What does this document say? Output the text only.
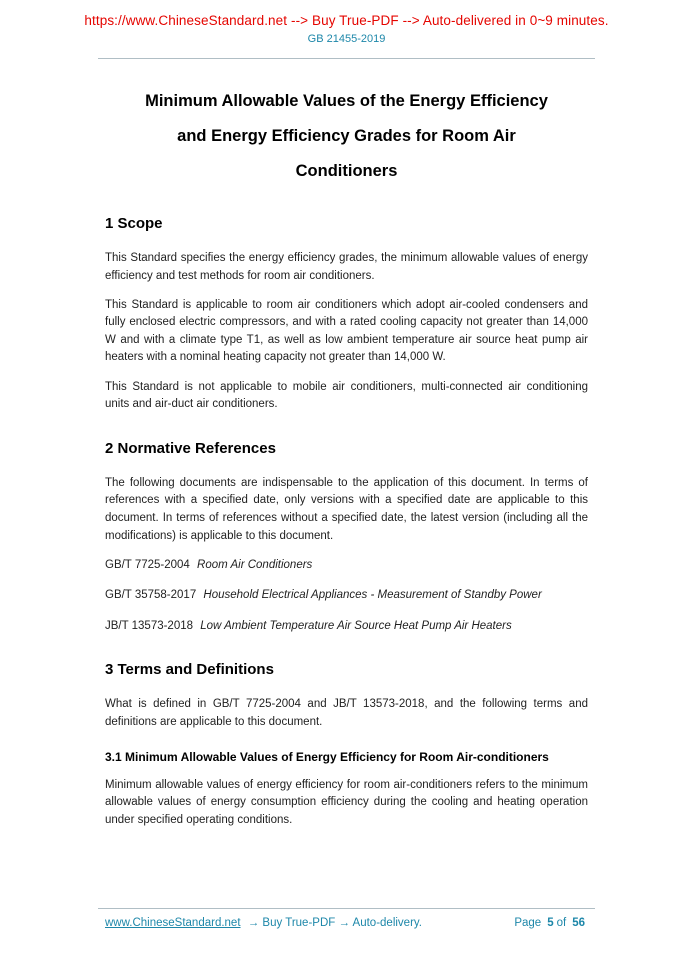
https://www.ChineseStandard.net --> Buy True-PDF --> Auto-delivered in 0~9 minutes.
GB 21455-2019
Minimum Allowable Values of the Energy Efficiency
and Energy Efficiency Grades for Room Air
Conditioners
1 Scope

This Standard specifies the energy efficiency grades, the minimum allowable values of energy efficiency and test methods for room air conditioners.

This Standard is applicable to room air conditioners which adopt air-cooled condensers and fully enclosed electric compressors, and with a rated cooling capacity not greater than 14,000 W and with a climate type T1, as well as low ambient temperature air source heat pump air heaters with a nominal heating capacity not greater than 14,000 W.

This Standard is not applicable to mobile air conditioners, multi-connected air conditioning units and air-duct air conditioners.

2 Normative References

The following documents are indispensable to the application of this document. In terms of references with a specified date, only versions with a specified date are applicable to this document. In terms of references without a specified date, the latest version (including all the modifications) is applicable to this document.

GB/T 7725-2004 Room Air Conditioners

GB/T 35758-2017 Household Electrical Appliances - Measurement of Standby Power

JB/T 13573-2018 Low Ambient Temperature Air Source Heat Pump Air Heaters

3 Terms and Definitions

What is defined in GB/T 7725-2004 and JB/T 13573-2018, and the following terms and definitions are applicable to this document.

3.1 Minimum Allowable Values of Energy Efficiency for Room Air-conditioners

Minimum allowable values of energy efficiency for room air-conditioners refers to the minimum allowable values of energy consumption efficiency during the cooling and heating operation under specified operating conditions.

www.ChineseStandard.net → Buy True-PDF → Auto-delivery.	Page 5 of 56
